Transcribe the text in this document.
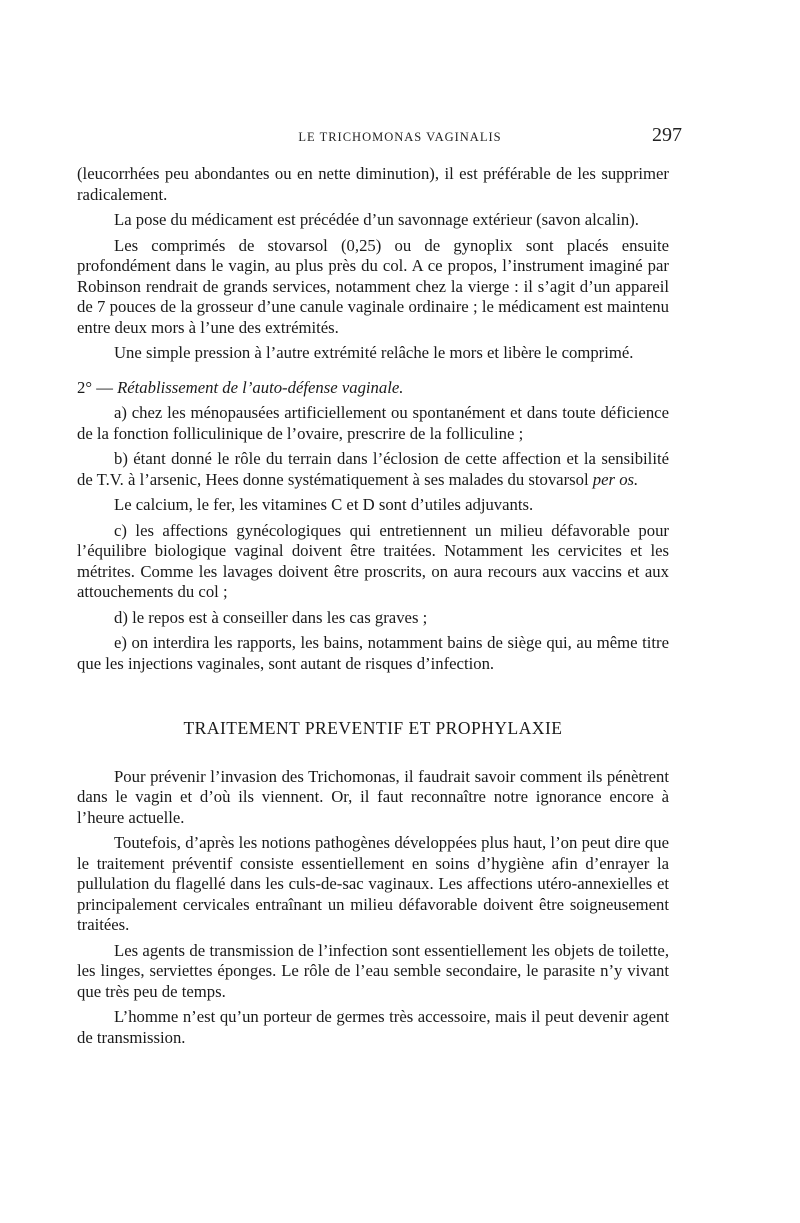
LE TRICHOMONAS VAGINALIS	297

(leucorrhées peu abondantes ou en nette diminution), il est préférable de les supprimer radicalement.

La pose du médicament est précédée d’un savonnage extérieur (savon alcalin).

Les comprimés de stovarsol (0,25) ou de gynoplix sont placés ensuite profondément dans le vagin, au plus près du col. A ce propos, l’instrument imaginé par Robinson rendrait de grands services, notamment chez la vierge : il s’agit d’un appareil de 7 pouces de la grosseur d’une canule vaginale ordinaire ; le médicament est maintenu entre deux mors à l’une des extrémités.

Une simple pression à l’autre extrémité relâche le mors et libère le comprimé.

2° — Rétablissement de l’auto-défense vaginale.

a) chez les ménopausées artificiellement ou spontanément et dans toute déficience de la fonction folliculinique de l’ovaire, prescrire de la folliculine ;

b) étant donné le rôle du terrain dans l’éclosion de cette affection et la sensibilité de T.V. à l’arsenic, Hees donne systématiquement à ses malades du stovarsol per os.

Le calcium, le fer, les vitamines C et D sont d’utiles adjuvants.

c) les affections gynécologiques qui entretiennent un milieu défavorable pour l’équilibre biologique vaginal doivent être traitées. Notamment les cervicites et les métrites. Comme les lavages doivent être proscrits, on aura recours aux vaccins et aux attouchements du col ;

d) le repos est à conseiller dans les cas graves ;

e) on interdira les rapports, les bains, notamment bains de siège qui, au même titre que les injections vaginales, sont autant de risques d’infection.

TRAITEMENT PREVENTIF ET PROPHYLAXIE

Pour prévenir l’invasion des Trichomonas, il faudrait savoir comment ils pénètrent dans le vagin et d’où ils viennent. Or, il faut reconnaître notre ignorance encore à l’heure actuelle.

Toutefois, d’après les notions pathogènes développées plus haut, l’on peut dire que le traitement préventif consiste essentiellement en soins d’hygiène afin d’enrayer la pullulation du flagellé dans les culs-de-sac vaginaux. Les affections utéro-annexielles et principalement cervicales entraînant un milieu défavorable doivent être soigneusement traitées.

Les agents de transmission de l’infection sont essentiellement les objets de toilette, les linges, serviettes éponges. Le rôle de l’eau semble secondaire, le parasite n’y vivant que très peu de temps.

L’homme n’est qu’un porteur de germes très accessoire, mais il peut devenir agent de transmission.
